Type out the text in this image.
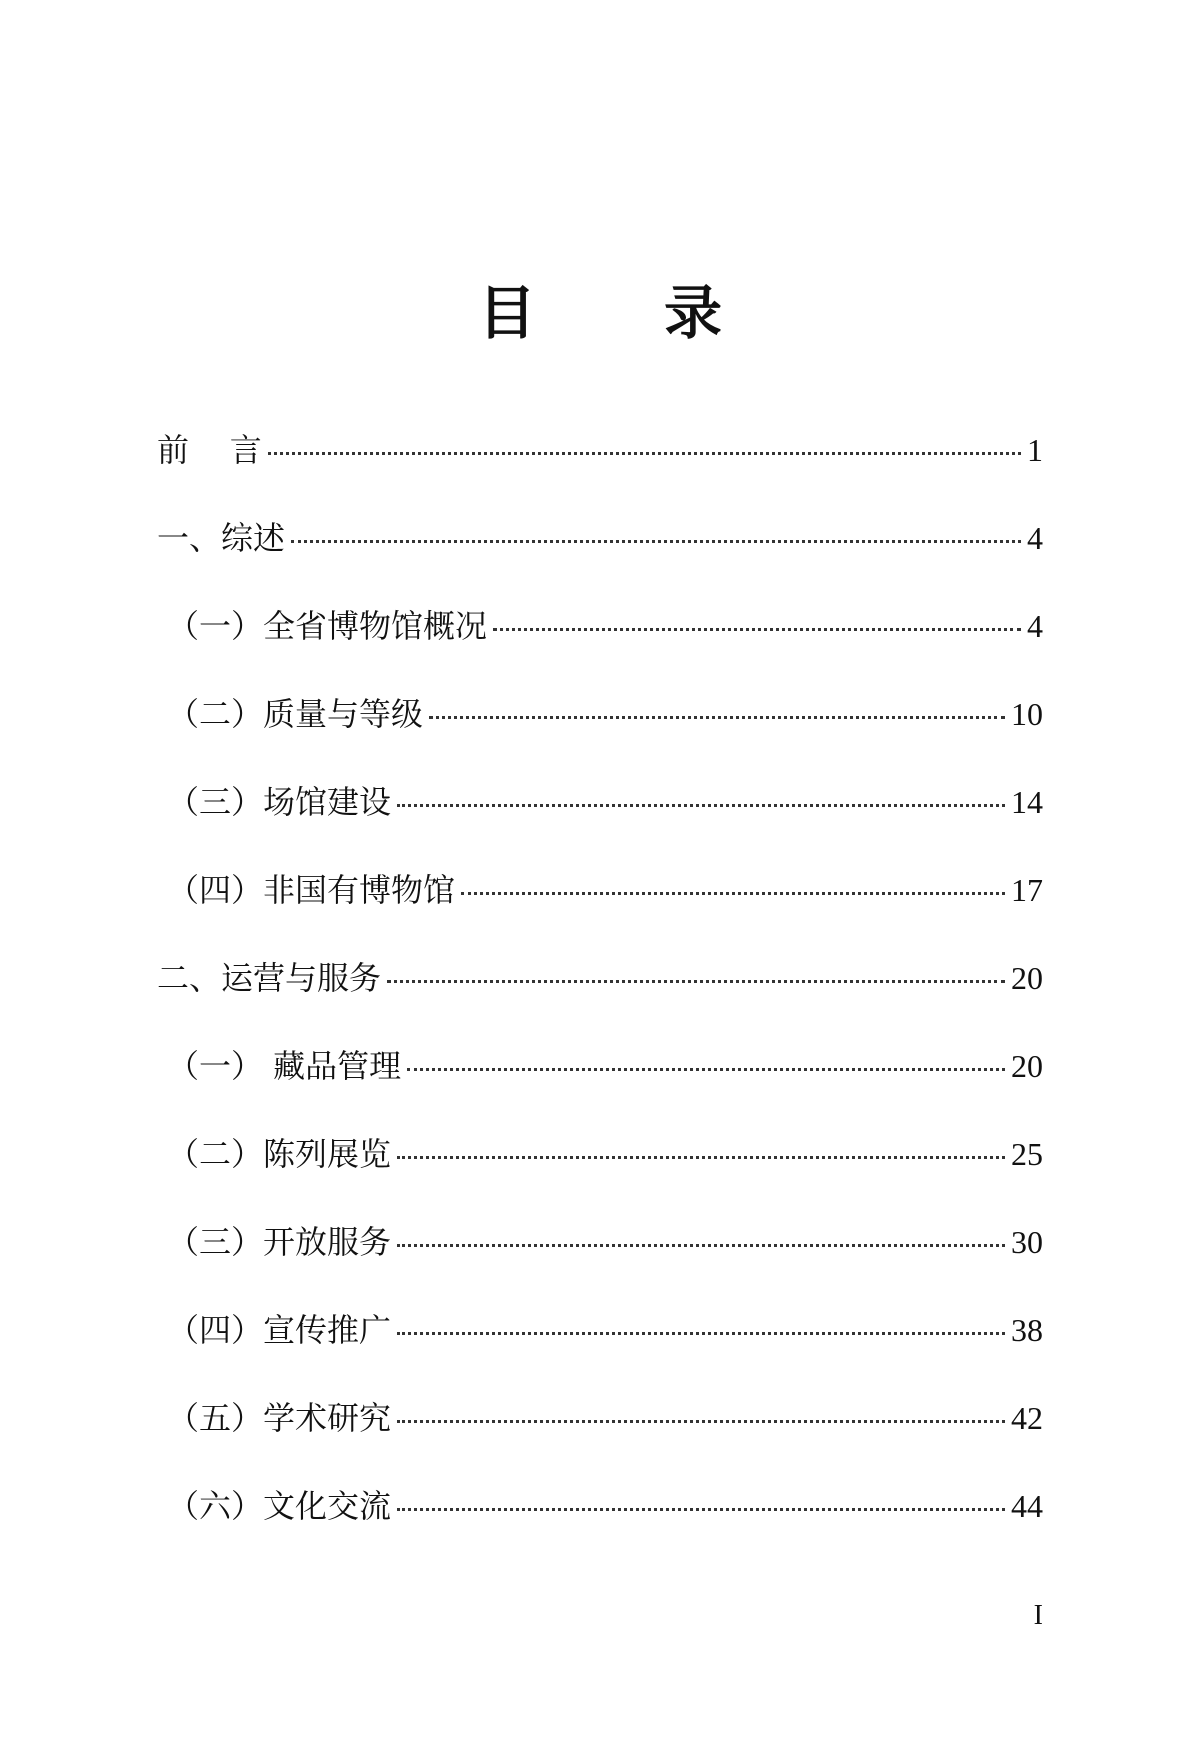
目 录
前    言	1
一、综述	4
（一）全省博物馆概况	4
（二）质量与等级	10
（三）场馆建设	14
（四）非国有博物馆	17
二、运营与服务	20
（一） 藏品管理	20
（二）陈列展览	25
（三）开放服务	30
（四）宣传推广	38
（五）学术研究	42
（六）文化交流	44
I
